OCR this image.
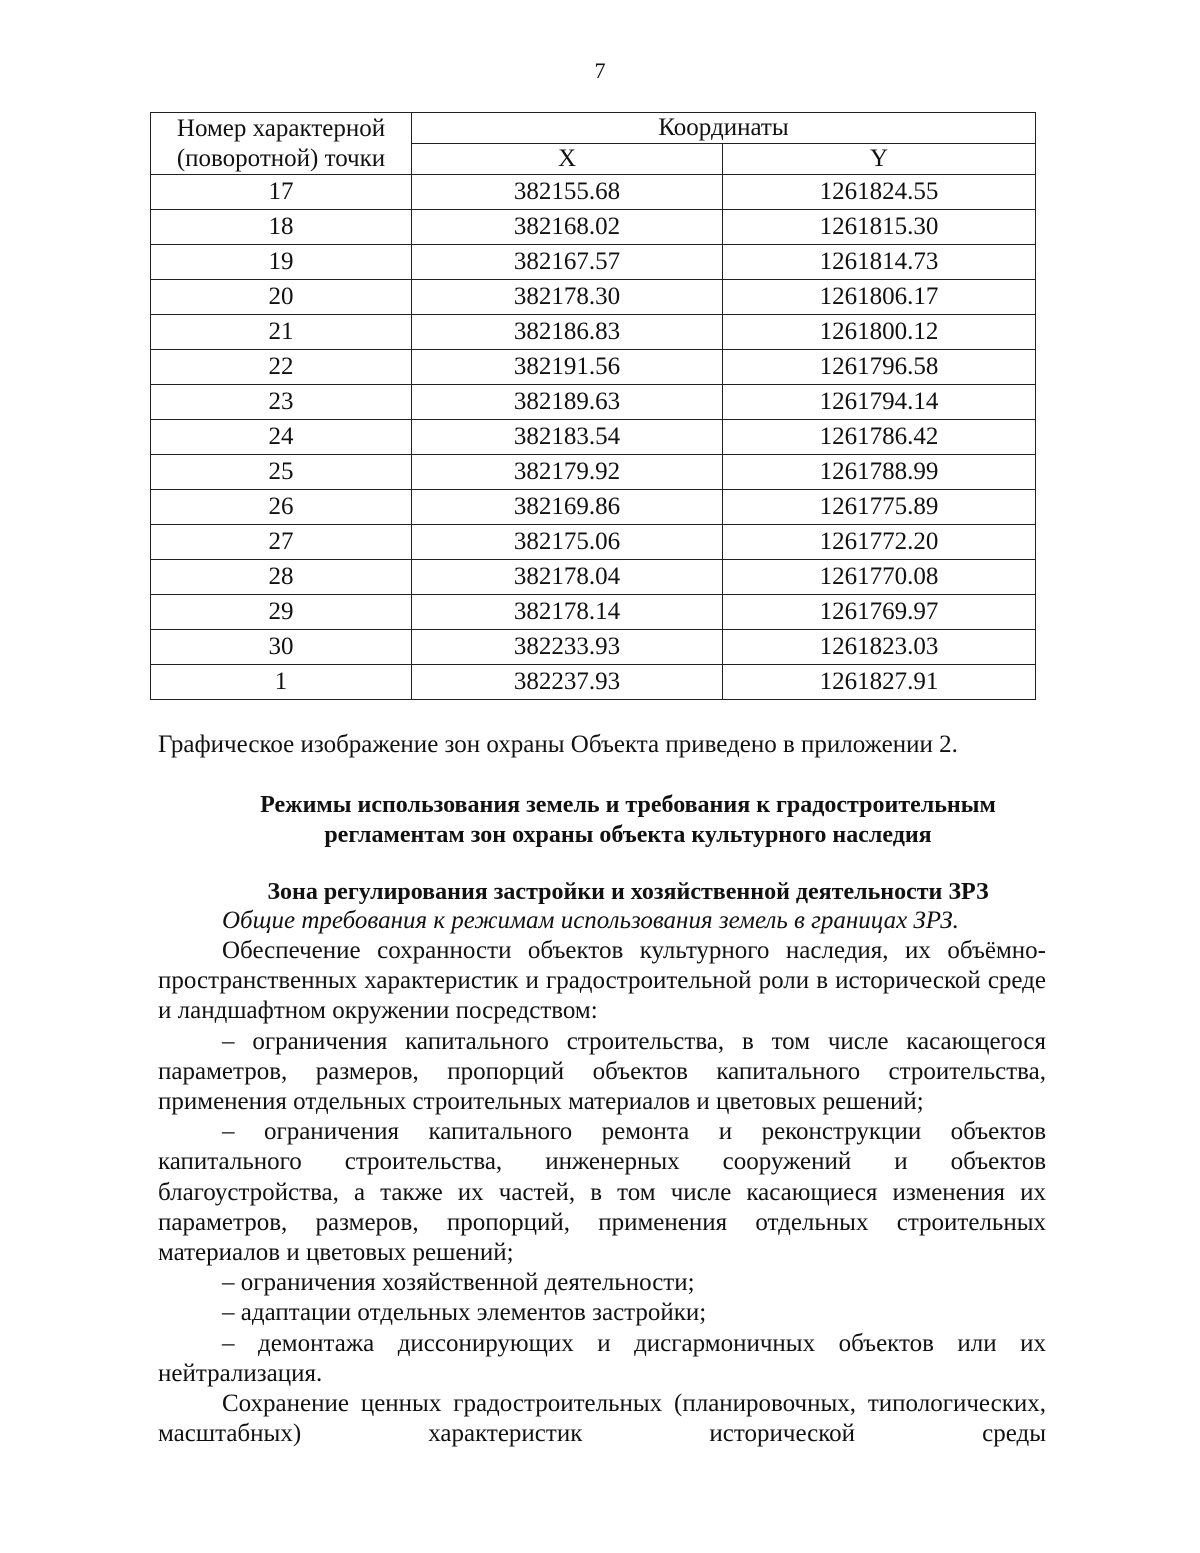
7
Номер характерной
(поворотной) точки	Координаты	
	X	Y
17	382155.68	1261824.55
18	382168.02	1261815.30
19	382167.57	1261814.73
20	382178.30	1261806.17
21	382186.83	1261800.12
22	382191.56	1261796.58
23	382189.63	1261794.14
24	382183.54	1261786.42
25	382179.92	1261788.99
26	382169.86	1261775.89
27	382175.06	1261772.20
28	382178.04	1261770.08
29	382178.14	1261769.97
30	382233.93	1261823.03
1	382237.93	1261827.91
Графическое изображение зон охраны Объекта приведено в приложении 2.
Режимы использования земель и требования к градостроительным
регламентам зон охраны объекта культурного наследия
Зона регулирования застройки и хозяйственной деятельности ЗРЗ
Общие требования к режимам использования земель в границах ЗРЗ.

Обеспечение сохранности объектов культурного наследия, их объёмно-пространственных характеристик и градостроительной роли в исторической среде и ландшафтном окружении посредством:

– ограничения капитального строительства, в том числе касающегося параметров, размеров, пропорций объектов капитального строительства, применения отдельных строительных материалов и цветовых решений;

– ограничения капитального ремонта и реконструкции объектов капитального строительства, инженерных сооружений и объектов благоустройства, а также их частей, в том числе касающиеся изменения их параметров, размеров, пропорций, применения отдельных строительных материалов и цветовых решений;

– ограничения хозяйственной деятельности;

– адаптации отдельных элементов застройки;

– демонтажа диссонирующих и дисгармоничных объектов или их нейтрализация.

Сохранение ценных градостроительных (планировочных, типологических, масштабных) характеристик исторической среды
